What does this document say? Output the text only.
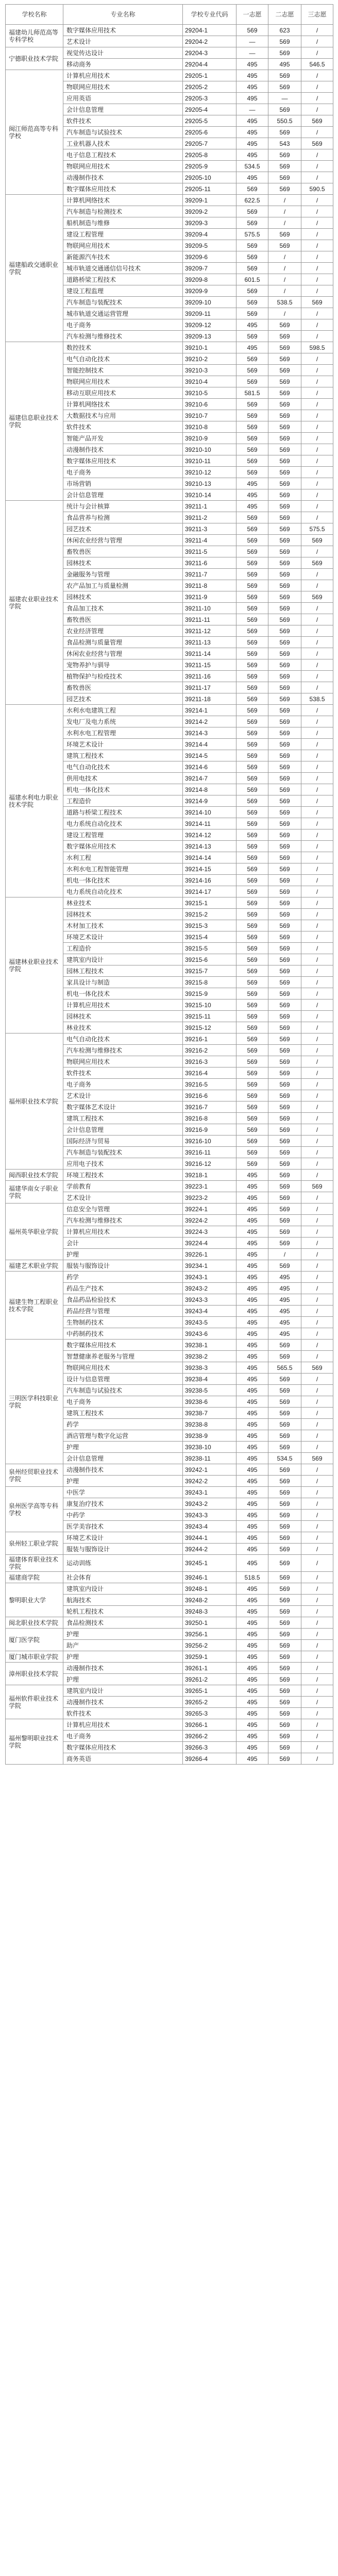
学校名称	专业名称	学校专业代码	一志愿	二志愿	三志愿
福建幼儿师范高等专科学校	数字媒体应用技术	29204-1	569	623	/
	艺术设计	29204-2	—	569	/
宁德职业技术学院	视觉传达设计	29204-3	—	569	/
	移动商务	29204-4	495	495	546.5
闽江师范高等专科学校	计算机应用技术	29205-1	495	569	/
	物联网应用技术	29205-2	495	569	/
	应用英语	29205-3	495	—	/
	会计信息管理	29205-4	—	569	/
	软件技术	29205-5	495	550.5	569
	汽车制造与试验技术	29205-6	495	569	/
	工业机器人技术	29205-7	495	543	569
	电子信息工程技术	29205-8	495	569	/
	物联网应用技术	29205-9	534.5	569	/
	动漫制作技术	29205-10	495	569	/
	数字媒体应用技术	29205-11	569	569	590.5
福建船政交通职业学院	计算机网络技术	39209-1	622.5	/	/
	汽车制造与检测技术	39209-2	569	/	/
	船机制造与维修	39209-3	569	/	/
	建设工程管理	39209-4	575.5	569	/
	物联网应用技术	39209-5	569	569	/
	新能源汽车技术	39209-6	569	/	/
	城市轨道交通通信信号技术	39209-7	569	/	/
	道路桥梁工程技术	39209-8	601.5	/	/
	建设工程监理	39209-9	569	/	/
	汽车制造与装配技术	39209-10	569	538.5	569
	城市轨道交通运营管理	39209-11	569	/	/
	电子商务	39209-12	495	569	/
	汽车检测与维修技术	39209-13	569	569	/
福建信息职业技术学院	数控技术	39210-1	495	569	598.5
	电气自动化技术	39210-2	569	569	/
	智能控制技术	39210-3	569	569	/
	物联网应用技术	39210-4	569	569	/
	移动互联应用技术	39210-5	581.5	569	/
	计算机网络技术	39210-6	569	569	/
	大数据技术与应用	39210-7	569	569	/
	软件技术	39210-8	569	569	/
	智能产品开发	39210-9	569	569	/
	动漫制作技术	39210-10	569	569	/
	数字媒体应用技术	39210-11	569	569	/
	电子商务	39210-12	569	569	/
	市场营销	39210-13	495	569	/
	会计信息管理	39210-14	495	569	/
福建农业职业技术学院	统计与会计核算	39211-1	495	569	/
	食品营养与检测	39211-2	569	569	/
	园艺技术	39211-3	569	569	575.5
	休闲农业经营与管理	39211-4	569	569	569
	畜牧兽医	39211-5	569	569	/
	园林技术	39211-6	569	569	569
	金融服务与管理	39211-7	569	569	/
	农产品加工与质量检测	39211-8	569	569	/
	园林技术	39211-9	569	569	569
	食品加工技术	39211-10	569	569	/
	畜牧兽医	39211-11	569	569	/
	农业经济管理	39211-12	569	569	/
	食品检测与质量管理	39211-13	569	569	/
	休闲农业经营与管理	39211-14	569	569	/
	宠物养护与驯导	39211-15	569	569	/
	植物保护与检疫技术	39211-16	569	569	/
	畜牧兽医	39211-17	569	569	/
	园艺技术	39211-18	569	569	538.5
福建水利电力职业技术学院	水利水电建筑工程	39214-1	569	569	/
	发电厂及电力系统	39214-2	569	569	/
	水利水电工程管理	39214-3	569	569	/
	环境艺术设计	39214-4	569	569	/
	建筑工程技术	39214-5	569	569	/
	电气自动化技术	39214-6	569	569	/
	供用电技术	39214-7	569	569	/
	机电一体化技术	39214-8	569	569	/
	工程造价	39214-9	569	569	/
	道路与桥梁工程技术	39214-10	569	569	/
	电力系统自动化技术	39214-11	569	569	/
	建设工程管理	39214-12	569	569	/
	数字媒体应用技术	39214-13	569	569	/
	水利工程	39214-14	569	569	/
	水利水电工程智能管理	39214-15	569	569	/
	机电一体化技术	39214-16	569	569	/
	电力系统自动化技术	39214-17	569	569	/
福建林业职业技术学院	林业技术	39215-1	569	569	/
	园林技术	39215-2	569	569	/
	木材加工技术	39215-3	569	569	/
	环境艺术设计	39215-4	569	569	/
	工程造价	39215-5	569	569	/
	建筑室内设计	39215-6	569	569	/
	园林工程技术	39215-7	569	569	/
	家具设计与制造	39215-8	569	569	/
	机电一体化技术	39215-9	569	569	/
	计算机应用技术	39215-10	569	569	/
	园林技术	39215-11	569	569	/
	林业技术	39215-12	569	569	/
福州职业技术学院	电气自动化技术	39216-1	569	569	/
	汽车检测与维修技术	39216-2	569	569	/
	物联网应用技术	39216-3	569	569	/
	软件技术	39216-4	569	569	/
	电子商务	39216-5	569	569	/
	艺术设计	39216-6	569	569	/
	数字媒体艺术设计	39216-7	569	569	/
	建筑工程技术	39216-8	569	569	/
	会计信息管理	39216-9	569	569	/
	国际经济与贸易	39216-10	569	569	/
	汽车制造与装配技术	39216-11	569	569	/
	应用电子技术	39216-12	569	569	/
闽西职业技术学院	环境工程技术	39218-1	495	569	/
福建华南女子职业学院	学前教育	39223-1	495	569	569
	艺术设计	39223-2	495	569	/
福州英华职业学院	信息安全与管理	39224-1	495	569	/
	汽车检测与维修技术	39224-2	495	569	/
	计算机应用技术	39224-3	495	569	/
	会计	39224-4	495	569	/
	护理	39226-1	495	/	/
福建艺术职业学院	服装与服饰设计	39234-1	495	569	/
福建生物工程职业技术学院	药学	39243-1	495	495	/
	药品生产技术	39243-2	495	495	/
	食品药品检验技术	39243-3	495	495	/
	药品经营与管理	39243-4	495	495	/
	生物制药技术	39243-5	495	495	/
	中药制药技术	39243-6	495	495	/
三明医学科技职业学院	数字媒体应用技术	39238-1	495	569	/
	智慧健康养老服务与管理	39238-2	495	569	/
	物联网应用技术	39238-3	495	565.5	569
	设计与信息管理	39238-4	495	569	/
	汽车制造与试验技术	39238-5	495	569	/
	电子商务	39238-6	495	569	/
	建筑工程技术	39238-7	495	569	/
	药学	39238-8	495	569	/
	酒店管理与数字化运营	39238-9	495	569	/
	护理	39238-10	495	569	/
	会计信息管理	39238-11	495	534.5	569
泉州经贸职业技术学院	动漫制作技术	39242-1	495	569	/
	护理	39242-2	495	569	/
泉州医学高等专科学校	中医学	39243-1	495	569	/
	康复治疗技术	39243-2	495	569	/
	中药学	39243-3	495	569	/
	医学美容技术	39243-4	495	569	/
泉州轻工职业学院	环境艺术设计	39244-1	495	569	/
	服装与服饰设计	39244-2	495	569	/
福建体育职业技术学院	运动训练	39245-1	495	569	/
福建商学院	社会体育	39246-1	518.5	569	/
黎明职业大学	建筑室内设计	39248-1	495	569	/
	航海技术	39248-2	495	569	/
	轮机工程技术	39248-3	495	569	/
闽北职业技术学院	食品检测技术	39250-1	495	569	/
厦门医学院	护理	39256-1	495	569	/
	助产	39256-2	495	569	/
厦门城市职业学院	护理	39259-1	495	569	/
漳州职业技术学院	动漫制作技术	39261-1	495	569	/
	护理	39261-2	495	569	/
福州软件职业技术学院	建筑室内设计	39265-1	495	569	/
	动漫制作技术	39265-2	495	569	/
	软件技术	39265-3	495	569	/
福州黎明职业技术学院	计算机应用技术	39266-1	495	569	/
	电子商务	39266-2	495	569	/
	数字媒体应用技术	39266-3	495	569	/
	商务英语	39266-4	495	569	/
